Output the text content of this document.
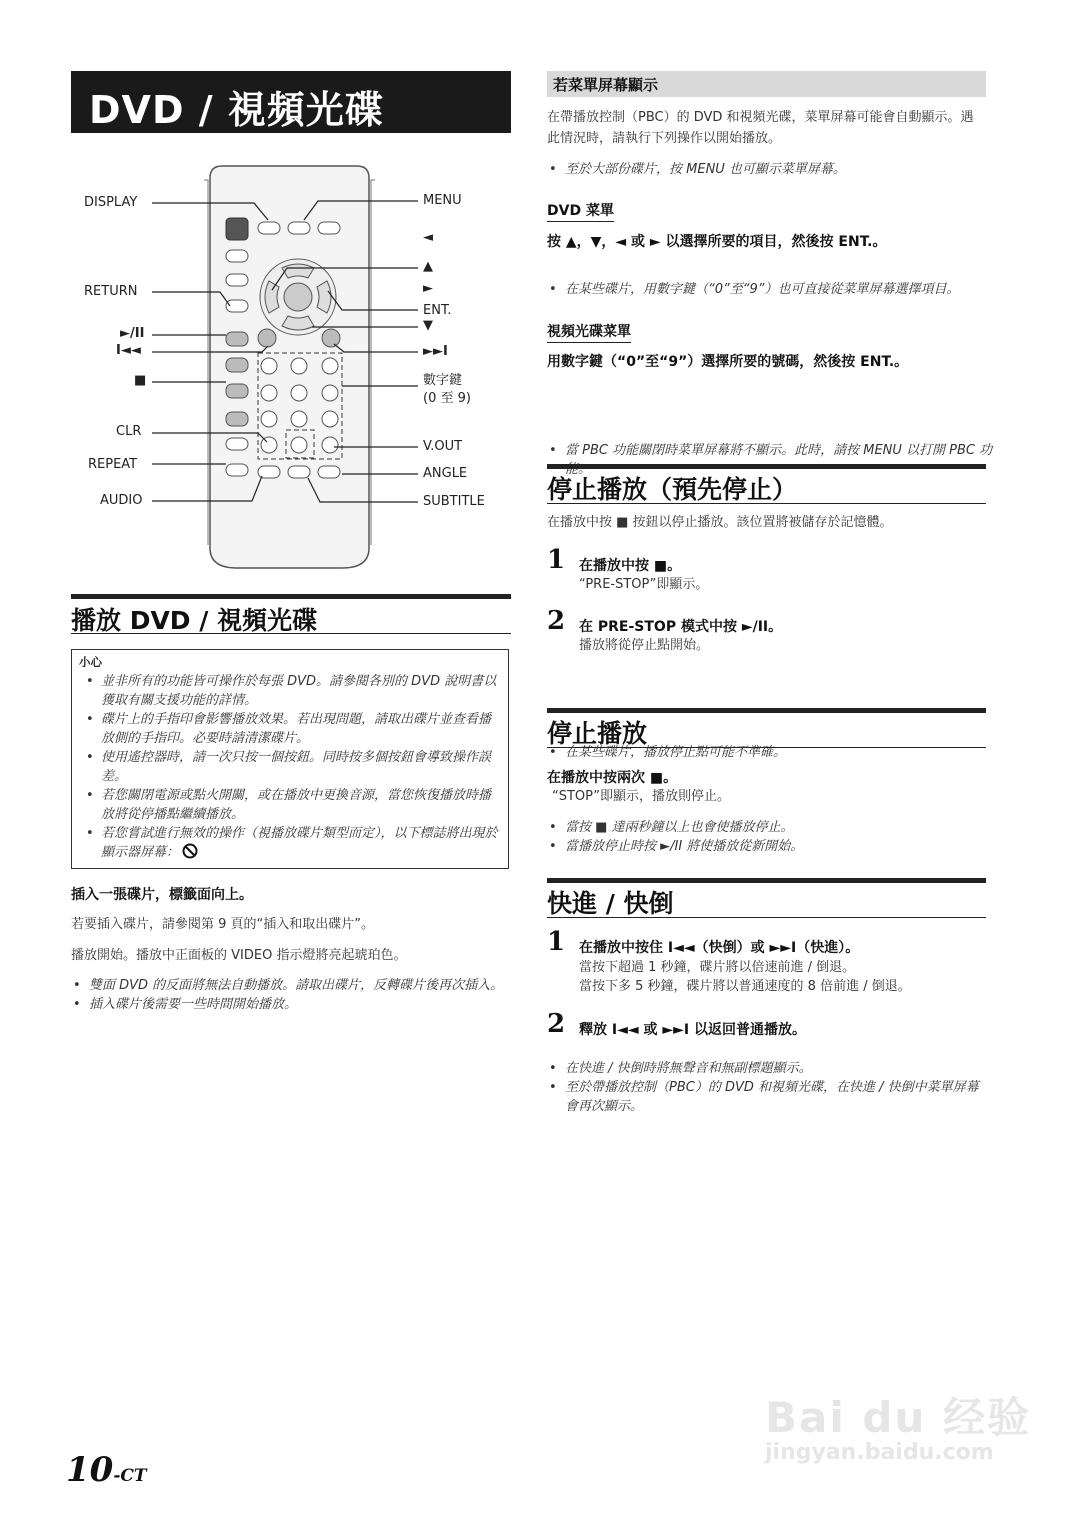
DVD / 視頻光碟
DISPLAY
RETURN
►/II
I◄◄
■
CLR
REPEAT
AUDIO
MENU
◄
▲
►
ENT.
▼
►►I
數字鍵
(0 至 9)
V.OUT
ANGLE
SUBTITLE
播放 DVD / 視頻光碟
小心
• 並非所有的功能皆可操作於每張 DVD。請參閱各別的 DVD 說明書以獲取有關支援功能的詳情。
• 碟片上的手指印會影響播放效果。若出現問題，請取出碟片並查看播放側的手指印。必要時請清潔碟片。
• 使用遙控器時，請一次只按一個按鈕。同時按多個按鈕會導致操作誤差。
• 若您關閉電源或點火開關，或在播放中更換音源，當您恢復播放時播放將從停播點繼續播放。
• 若您嘗試進行無效的操作（視播放碟片類型而定），以下標誌將出現於顯示器屏幕：
插入一張碟片，標籤面向上。
若要插入碟片，請參閱第 9 頁的“插入和取出碟片”。
播放開始。播放中正面板的 VIDEO 指示燈將亮起琥珀色。
• 雙面 DVD 的反面將無法自動播放。請取出碟片，反轉碟片後再次插入。
• 插入碟片後需要一些時間開始播放。
若菜單屏幕顯示
在帶播放控制（PBC）的 DVD 和視頻光碟，菜單屏幕可能會自動顯示。遇此情況時，請執行下列操作以開始播放。
• 至於大部份碟片，按 MENU 也可顯示菜單屏幕。
DVD 菜單
按 ▲，▼，◄ 或 ► 以選擇所要的項目，然後按 ENT.。
• 在某些碟片，用數字鍵（“0”至“9”）也可直接從菜單屏幕選擇項目。
視頻光碟菜單
用數字鍵（“0”至“9”）選擇所要的號碼，然後按 ENT.。
• 當 PBC 功能關閉時菜單屏幕將不顯示。此時，請按 MENU 以打開 PBC 功能。
停止播放（預先停止）
在播放中按 ■ 按鈕以停止播放。該位置將被儲存於記憶體。
1 在播放中按 ■。
“PRE-STOP”即顯示。
2 在 PRE-STOP 模式中按 ►/II。
播放將從停止點開始。
• 在某些碟片，播放停止點可能不準確。
停止播放
在播放中按兩次 ■。
“STOP”即顯示，播放則停止。
• 當按 ■ 達兩秒鐘以上也會使播放停止。
• 當播放停止時按 ►/II 將使播放從新開始。
快進 / 快倒
1 在播放中按住 I◄◄（快倒）或 ►►I（快進）。
當按下超過 1 秒鐘，碟片將以倍速前進 / 倒退。
當按下多 5 秒鐘，碟片將以普通速度的 8 倍前進 / 倒退。
2 釋放 I◄◄ 或 ►►I 以返回普通播放。
• 在快進 / 快倒時將無聲音和無副標題顯示。
• 至於帶播放控制（PBC）的 DVD 和視頻光碟，在快進 / 快倒中菜單屏幕會再次顯示。
Bai du 经验
jingyan.baidu.com
10-CT
